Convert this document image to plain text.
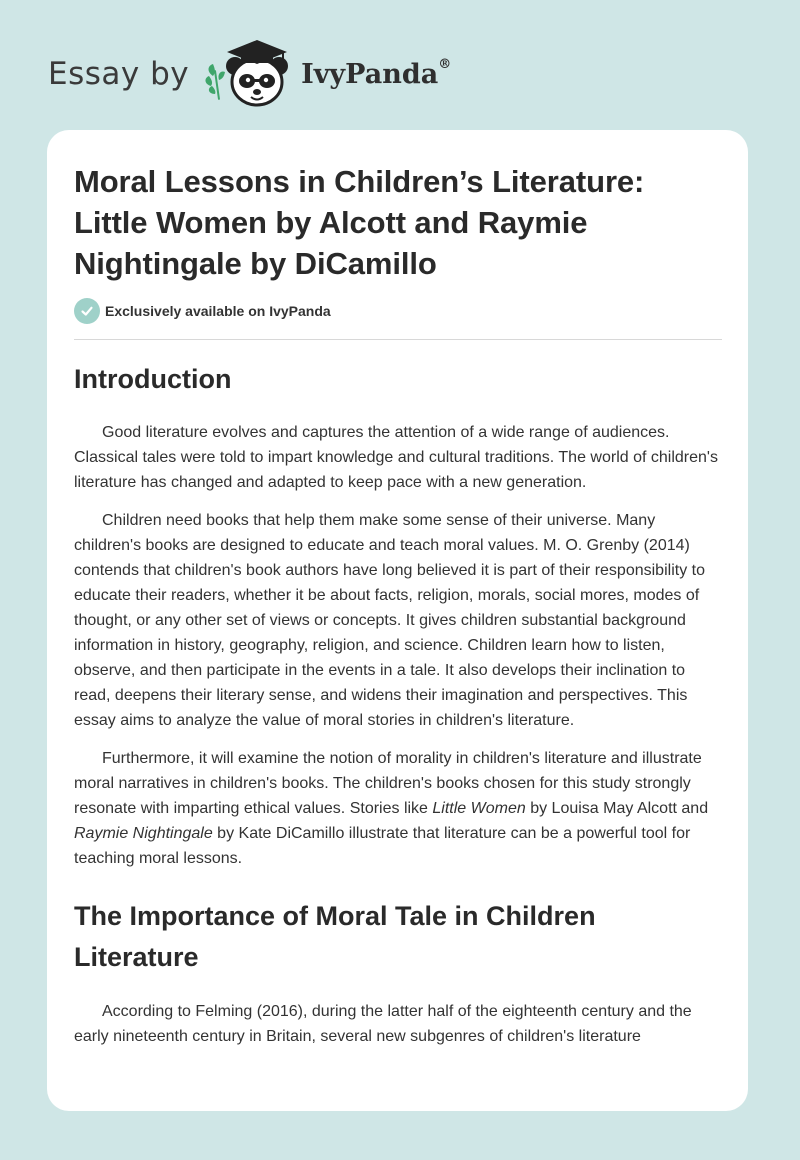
Essay by	IvyPanda®
Moral Lessons in Children’s Literature: Little Women by Alcott and Raymie Nightingale by DiCamillo
Exclusively available on IvyPanda
Introduction

Good literature evolves and captures the attention of a wide range of audiences. Classical tales were told to impart knowledge and cultural traditions. The world of children's literature has changed and adapted to keep pace with a new generation.

Children need books that help them make some sense of their universe. Many children's books are designed to educate and teach moral values. M. O. Grenby (2014) contends that children's book authors have long believed it is part of their responsibility to educate their readers, whether it be about facts, religion, morals, social mores, modes of thought, or any other set of views or concepts. It gives children substantial background information in history, geography, religion, and science. Children learn how to listen, observe, and then participate in the events in a tale. It also develops their inclination to read, deepens their literary sense, and widens their imagination and perspectives. This essay aims to analyze the value of moral stories in children's literature.

Furthermore, it will examine the notion of morality in children's literature and illustrate moral narratives in children's books. The children's books chosen for this study strongly resonate with imparting ethical values. Stories like Little Women by Louisa May Alcott and Raymie Nightingale by Kate DiCamillo illustrate that literature can be a powerful tool for teaching moral lessons.

The Importance of Moral Tale in Children Literature

According to Felming (2016), during the latter half of the eighteenth century and the early nineteenth century in Britain, several new subgenres of children's literature
